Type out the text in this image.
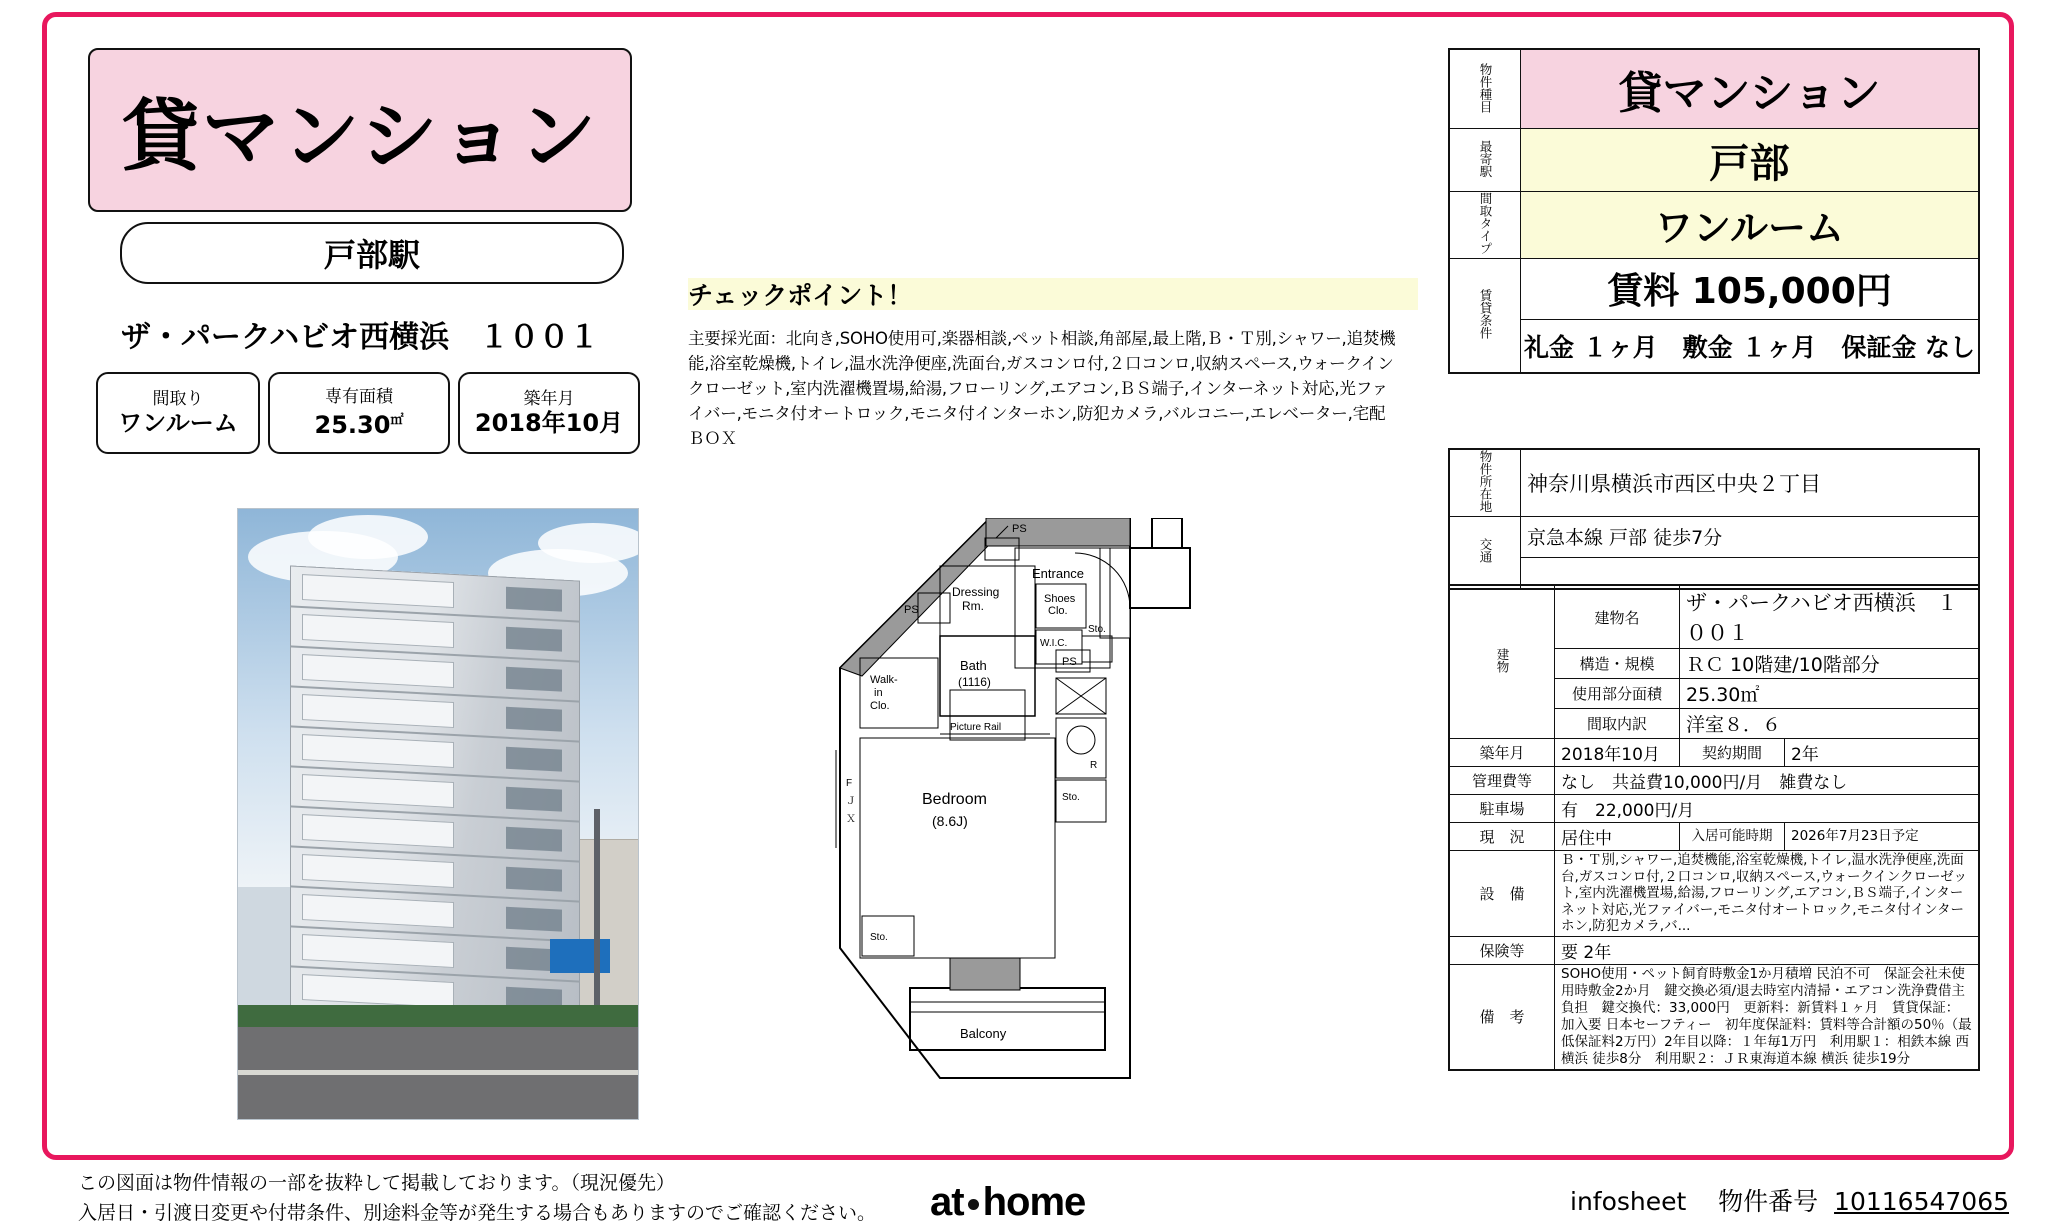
貸マンション
戸部駅
ザ・パークハビオ西横浜　１００１
間取り
ワンルーム
専有面積
25.30㎡
築年月
2018年10月
チェックポイント！
主要採光面：北向き,SOHO使用可,楽器相談,ペット相談,角部屋,最上階,Ｂ・Ｔ別,シャワー,追焚機能,浴室乾燥機,トイレ,温水洗浄便座,洗面台,ガスコンロ付,２口コンロ,収納スペース,ウォークインクローゼット,室内洗濯機置場,給湯,フローリング,エアコン,ＢＳ端子,インターネット対応,光ファイバー,モニタ付オートロック,モニタ付インターホン,防犯カメラ,バルコニー,エレベーター,宅配ＢＯＸ
Entrance
Shoes
Clo.
PS
PS
PS
Dressing
Rm.
Bath
(1116)
W.I.C.
Sto.
Walk-
in
Clo.
R
Sto.
Picture Rail
Bedroom
(8.6J)
Sto.
F
Ｊ
Ｘ
Balcony
物件種目	貸マンション
最寄駅	戸部
間取タイプ	ワンルーム
賃貸条件	賃料 105,000円
	礼金 １ヶ月　敷金 １ヶ月　保証金 なし
物件所在地	神奈川県横浜市西区中央２丁目
交通	京急本線 戸部 徒歩7分

建物	建物名	ザ・パークハビオ西横浜　１００１	
	構造・規模	ＲＣ 10階建/10階部分	
	使用部分面積	25.30㎡	
	間取内訳	洋室８．６	
築年月	2018年10月	契約期間	2年
管理費等	なし　共益費10,000円/月　雑費なし		
駐車場	有　22,000円/月		
現　況	居住中	入居可能時期	2026年7月23日予定
設　備	Ｂ・Ｔ別,シャワー,追焚機能,浴室乾燥機,トイレ,温水洗浄便座,洗面台,ガスコンロ付,２口コンロ,収納スペース,ウォークインクローゼット,室内洗濯機置場,給湯,フローリング,エアコン,ＢＳ端子,インターネット対応,光ファイバー,モニタ付オートロック,モニタ付インターホン,防犯カメラ,バ...		
保険等	要 2年		
備　考	SOHO使用・ペット飼育時敷金1か月積増 民泊不可　保証会社未使用時敷金2か月　鍵交換必須/退去時室内清掃・エアコン洗浄費借主負担　鍵交換代：33,000円　更新料：新賃料１ヶ月　賃貸保証：加入要 日本セーフティー　初年度保証料：賃料等合計額の50％（最低保証料2万円）2年目以降：１年毎1万円　利用駅１：相鉄本線 西横浜 徒歩8分　利用駅２：ＪＲ東海道本線 横浜 徒歩19分		
この図面は物件情報の一部を抜粋して掲載しております。（現況優先）
入居日・引渡日変更や付帯条件、別途料金等が発生する場合もありますのでご確認ください。	at home	infosheet 物件番号 10116547065
